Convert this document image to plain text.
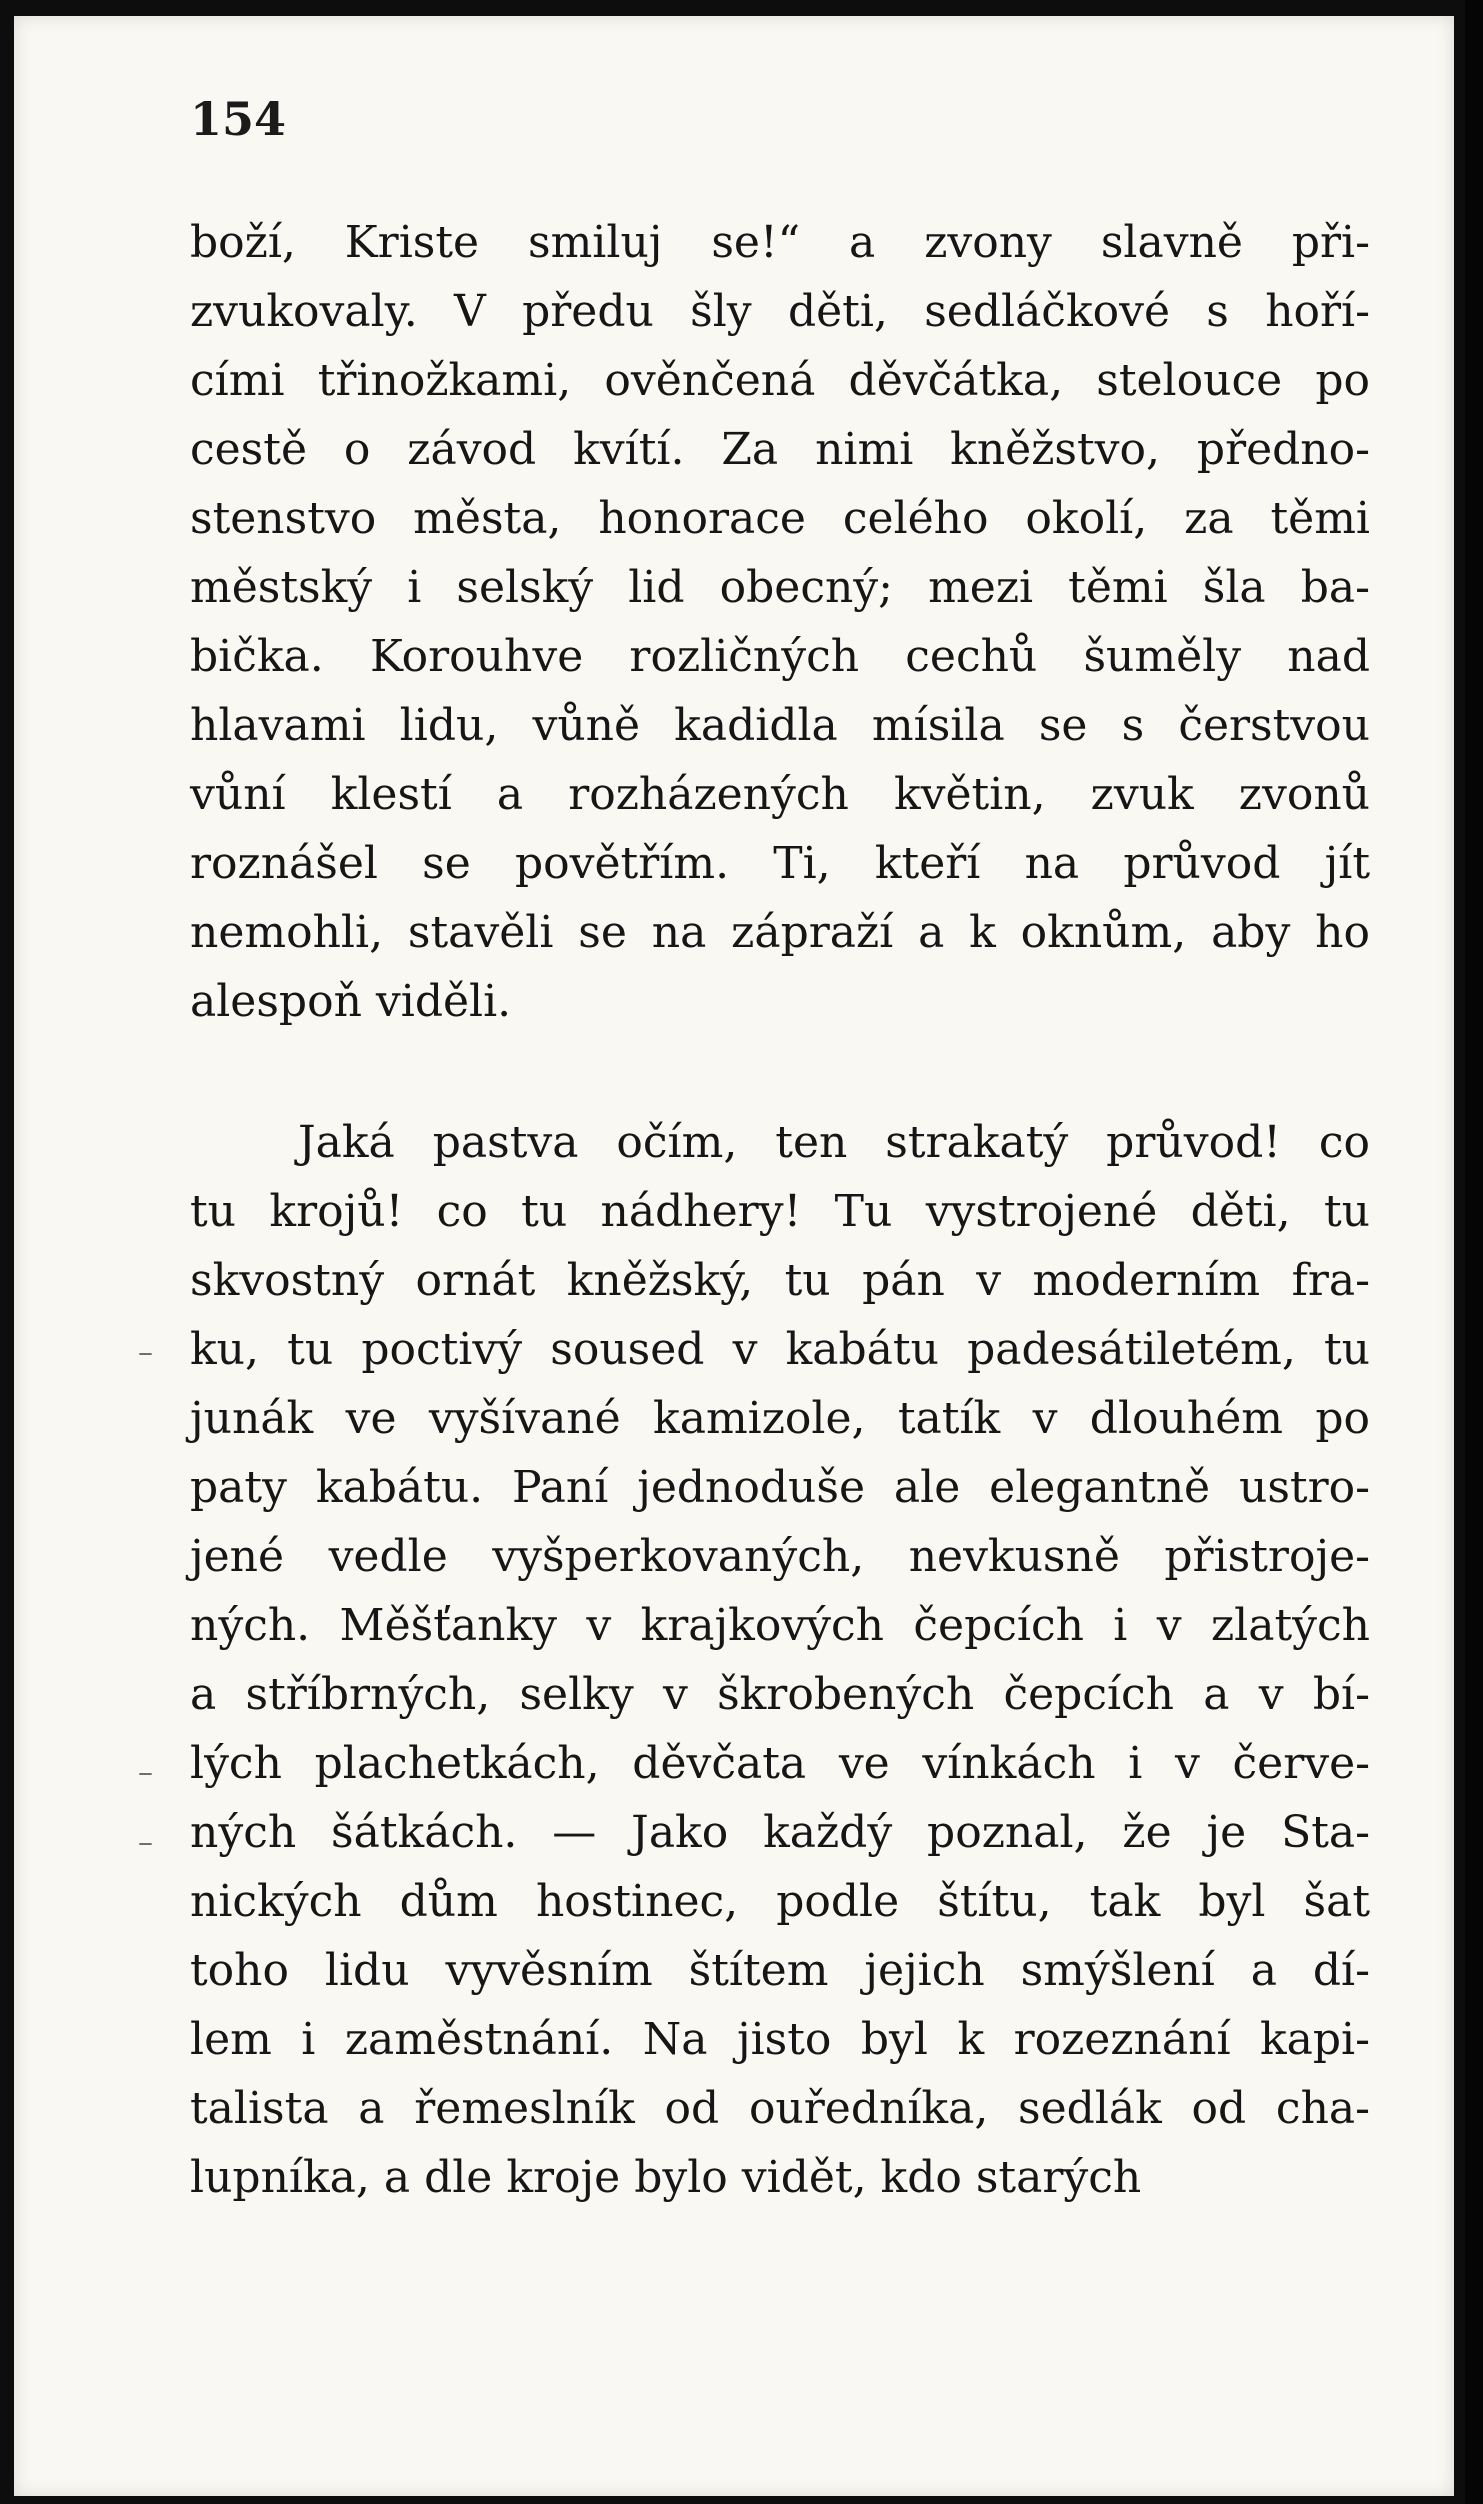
154

boží, Kriste smiluj se!“ a zvony slavně při-
zvukovaly. V předu šly děti, sedláčkové s hoří-
cími třinožkami, ověnčená děvčátka, stelouce po
cestě o závod kvítí. Za nimi kněžstvo, předno-
stenstvo města, honorace celého okolí, za těmi
městský i selský lid obecný; mezi těmi šla ba-
bička. Korouhve rozličných cechů šuměly nad
hlavami lidu, vůně kadidla mísila se s čerstvou
vůní klestí a rozházených květin, zvuk zvonů
roznášel se povětřím. Ti, kteří na průvod jít
nemohli, stavěli se na zápraží a k oknům, aby ho
alespoň viděli.
Jaká pastva očím, ten strakatý průvod! co
tu krojů! co tu nádhery! Tu vystrojené děti, tu
skvostný ornát kněžský, tu pán v moderním fra-
ku, tu poctivý soused v kabátu padesátiletém, tu
junák ve vyšívané kamizole, tatík v dlouhém po
paty kabátu. Paní jednoduše ale elegantně ustro-
jené vedle vyšperkovaných, nevkusně přistroje-
ných. Měšťanky v krajkových čepcích i v zlatých
a stříbrných, selky v škrobených čepcích a v bí-
lých plachetkách, děvčata ve vínkách i v červe-
ných šátkách. — Jako každý poznal, že je Sta-
nických dům hostinec, podle štítu, tak byl šat
toho lidu vyvěsním štítem jejich smýšlení a dí-
lem i zaměstnání. Na jisto byl k rozeznání kapi-
talista a řemeslník od ouředníka, sedlák od cha-
lupníka, a dle kroje bylo vidět, kdo starých
–
–
–
